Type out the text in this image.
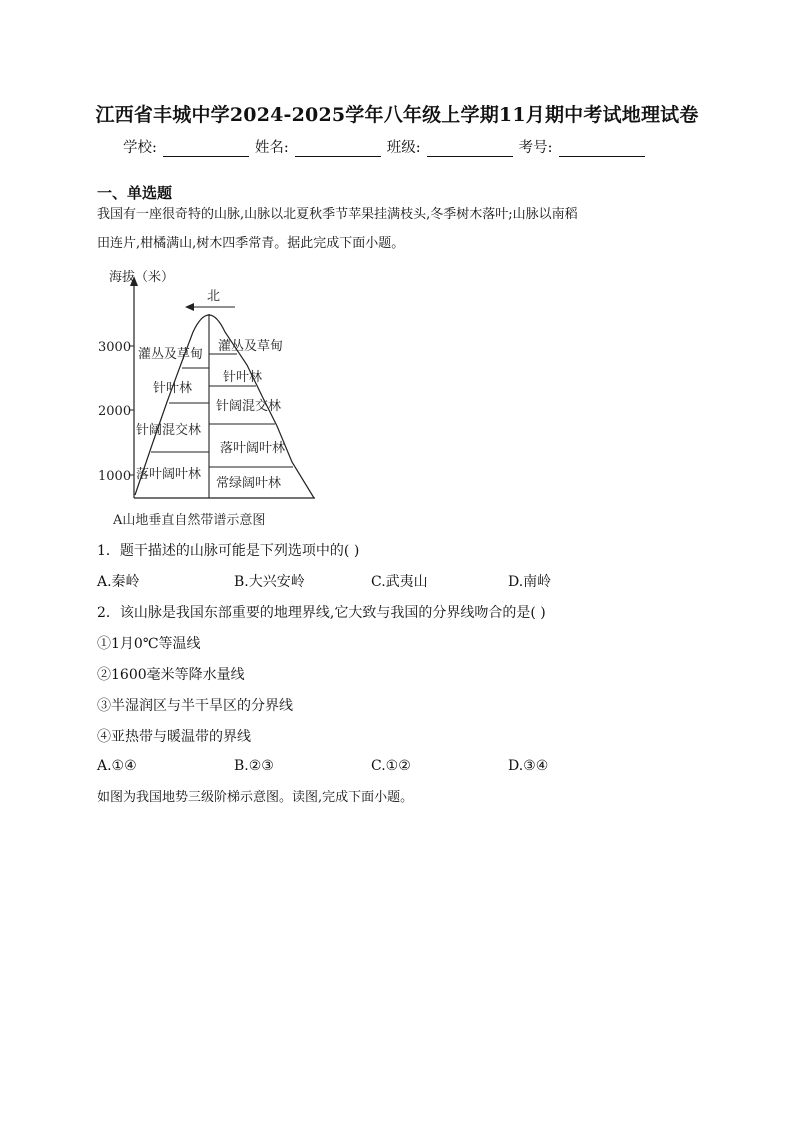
江西省丰城中学2024-2025学年八年级上学期11月期中考试地理试卷
学校:	姓名:	班级:	考号:
一、单选题
我国有一座很奇特的山脉,山脉以北夏秋季节苹果挂满枝头,冬季树木落叶;山脉以南稻
田连片,柑橘满山,树木四季常青。据此完成下面小题。
海拔（米）
3000
2000
1000
北
灌丛及草甸
针叶林
针阔混交林
落叶阔叶林
灌丛及草甸
针叶林
针阔混交林
落叶阔叶林
常绿阔叶林
A山地垂直自然带谱示意图
1．题干描述的山脉可能是下列选项中的( )
A.秦岭	B.大兴安岭	C.武夷山	D.南岭
2．该山脉是我国东部重要的地理界线,它大致与我国的分界线吻合的是( )
①1月0℃等温线
②1600毫米等降水量线
③半湿润区与半干旱区的分界线
④亚热带与暖温带的界线
A.①④	B.②③	C.①②	D.③④
如图为我国地势三级阶梯示意图。读图,完成下面小题。
